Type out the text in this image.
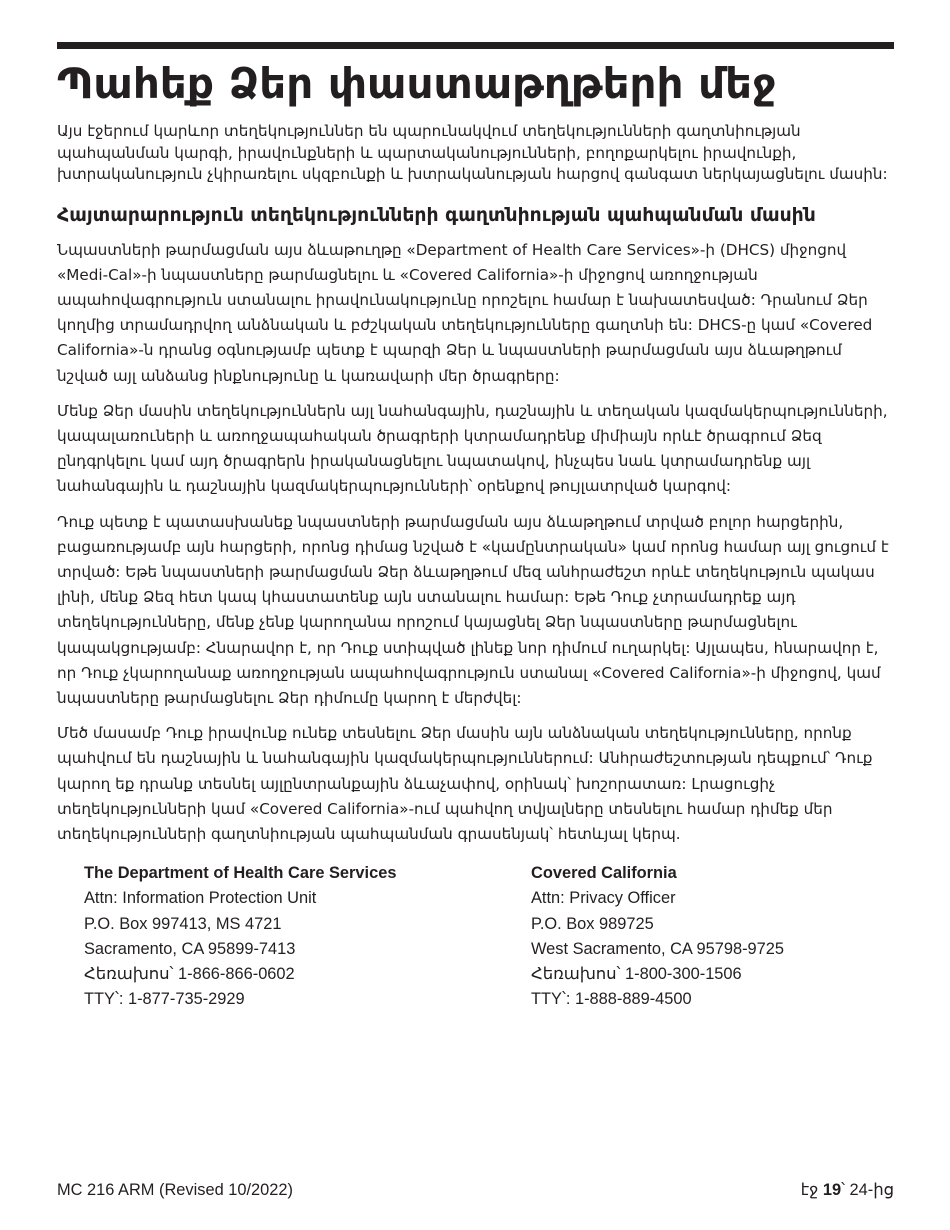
Պահեք Ձեր փաստաթղթերի մեջ

Այս էջերում կարևոր տեղեկություններ են պարունակվում տեղեկությունների գաղտնիության պահպանման կարգի, իրավունքների և պարտականությունների, բողոքարկելու իրավունքի, խտրականություն չկիրառելու սկզբունքի և խտրականության հարցով գանգատ ներկայացնելու մասին:

Հայտարարություն տեղեկությունների գաղտնիության պահպանման մասին

Նպաստների թարմացման այս ձևաթուղթը «Department of Health Care Services»-ի (DHCS) միջոցով «Medi-Cal»-ի նպաստները թարմացնելու և «Covered California»-ի միջոցով առողջության ապահովագրություն ստանալու իրավունակությունը որոշելու համար է նախատեսված: Դրանում Ձեր կողմից տրամադրվող անձնական և բժշկական տեղեկությունները գաղտնի են: DHCS-ը կամ «Covered California»-ն դրանց օգնությամբ պետք է պարզի Ձեր և նպաստների թարմացման այս ձևաթղթում նշված այլ անձանց ինքնությունը և կառավարի մեր ծրագրերը:

Մենք Ձեր մասին տեղեկություններն այլ նահանգային, դաշնային և տեղական կազմակերպությունների, կապալառուների և առողջապահական ծրագրերի կտրամադրենք միմիայն որևէ ծրագրում Ձեզ ընդգրկելու կամ այդ ծրագրերն իրականացնելու նպատակով, ինչպես նաև կտրամադրենք այլ նահանգային և դաշնային կազմակերպությունների՝ օրենքով թույլատրված կարգով:

Դուք պետք է պատասխանեք նպաստների թարմացման այս ձևաթղթում տրված բոլոր հարցերին, բացառությամբ այն հարցերի, որոնց դիմաց նշված է «կամընտրական» կամ որոնց համար այլ ցուցում է տրված: Եթե նպաստների թարմացման Ձեր ձևաթղթում մեզ անհրաժեշտ որևէ տեղեկություն պակաս լինի, մենք Ձեզ հետ կապ կհաստատենք այն ստանալու համար: Եթե Դուք չտրամադրեք այդ տեղեկությունները, մենք չենք կարողանա որոշում կայացնել Ձեր նպաստները թարմացնելու կապակցությամբ: Հնարավոր է, որ Դուք ստիպված լինեք նոր դիմում ուղարկել: Այլապես, հնարավոր է, որ Դուք չկարողանաք առողջության ապահովագրություն ստանալ «Covered California»-ի միջոցով, կամ նպաստները թարմացնելու Ձեր դիմումը կարող է մերժվել:

Մեծ մասամբ Դուք իրավունք ունեք տեսնելու Ձեր մասին այն անձնական տեղեկությունները, որոնք պահվում են դաշնային և նահանգային կազմակերպություններում: Անհրաժեշտության դեպքում՝ Դուք կարող եք դրանք տեսնել այլընտրանքային ձևաչափով, օրինակ՝ խոշորատառ: Լրացուցիչ տեղեկությունների կամ «Covered California»-ում պահվող տվյալները տեսնելու համար դիմեք մեր տեղեկությունների գաղտնիության պահպանման գրասենյակ՝ հետևյալ կերպ.

The Department of Health Care Services
Attn: Information Protection Unit
P.O. Box 997413, MS 4721
Sacramento, CA 95899-7413
Հեռախոս՝ 1-866-866-0602
TTY՝: 1-877-735-2929
Covered California
Attn: Privacy Officer
P.O. Box 989725
West Sacramento, CA 95798-9725
Հեռախոս՝ 1-800-300-1506
TTY՝: 1-888-889-4500
MC 216 ARM (Revised 10/2022)	էջ 19՝ 24-ից
